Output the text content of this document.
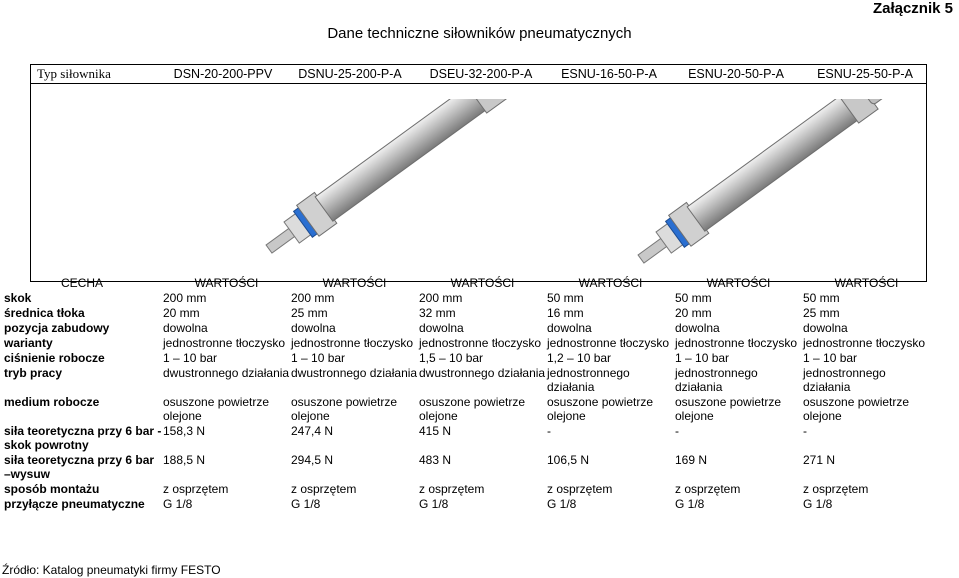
Załącznik 5
Dane techniczne siłowników pneumatycznych
Typ siłownika	DSN-20-200-PPV	DSNU-25-200-P-A	DSEU-32-200-P-A	ESNU-16-50-P-A	ESNU-20-50-P-A	ESNU-25-50-P-A
CECHA	WARTOŚCI	WARTOŚCI	WARTOŚCI	WARTOŚCI	WARTOŚCI	WARTOŚCI
skok	200 mm	200 mm	200 mm	50 mm	50 mm	50 mm
średnica tłoka	20 mm	25 mm	32 mm	16 mm	20 mm	25 mm
pozycja zabudowy	dowolna	dowolna	dowolna	dowolna	dowolna	dowolna
warianty	jednostronne tłoczysko	jednostronne tłoczysko	jednostronne tłoczysko	jednostronne tłoczysko	jednostronne tłoczysko	jednostronne tłoczysko
ciśnienie robocze	1 – 10 bar	1 – 10 bar	1,5 – 10 bar	1,2 – 10 bar	1 – 10 bar	1 – 10 bar
tryb pracy	dwustronnego działania	dwustronnego działania	dwustronnego działania	jednostronnego działania	jednostronnego działania	jednostronnego działania
medium robocze	osuszone powietrze olejone	osuszone powietrze olejone	osuszone powietrze olejone	osuszone powietrze olejone	osuszone powietrze olejone	osuszone powietrze olejone
siła teoretyczna przy 6 bar - skok powrotny	158,3 N	247,4 N	415 N	-	-	-
siła teoretyczna przy 6 bar –wysuw	188,5 N	294,5 N	483 N	106,5 N	169 N	271 N
sposób montażu	z osprzętem	z osprzętem	z osprzętem	z osprzętem	z osprzętem	z osprzętem
przyłącze pneumatyczne	G 1/8	G 1/8	G 1/8	G 1/8	G 1/8	G 1/8
Źródło: Katalog pneumatyki firmy FESTO
